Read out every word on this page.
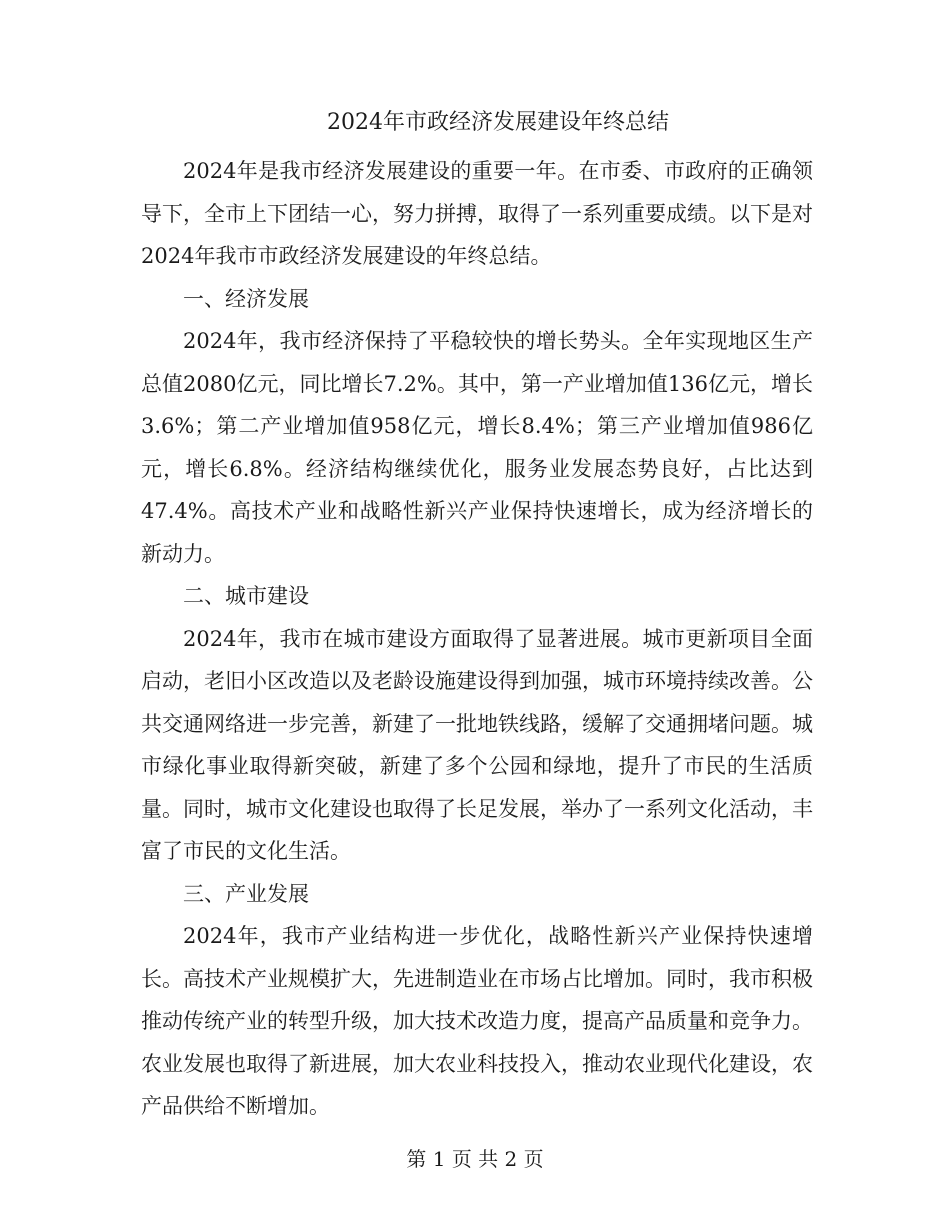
2024年市政经济发展建设年终总结

2024年是我市经济发展建设的重要一年。在市委、市政府的正确领导下，全市上下团结一心，努力拼搏，取得了一系列重要成绩。以下是对2024年我市市政经济发展建设的年终总结。

一、经济发展

2024年，我市经济保持了平稳较快的增长势头。全年实现地区生产总值2080亿元，同比增长7.2%。其中，第一产业增加值136亿元，增长3.6%；第二产业增加值958亿元，增长8.4%；第三产业增加值986亿元，增长6.8%。经济结构继续优化，服务业发展态势良好，占比达到47.4%。高技术产业和战略性新兴产业保持快速增长，成为经济增长的新动力。

二、城市建设

2024年，我市在城市建设方面取得了显著进展。城市更新项目全面启动，老旧小区改造以及老龄设施建设得到加强，城市环境持续改善。公共交通网络进一步完善，新建了一批地铁线路，缓解了交通拥堵问题。城市绿化事业取得新突破，新建了多个公园和绿地，提升了市民的生活质量。同时，城市文化建设也取得了长足发展，举办了一系列文化活动，丰富了市民的文化生活。

三、产业发展

2024年，我市产业结构进一步优化，战略性新兴产业保持快速增长。高技术产业规模扩大，先进制造业在市场占比增加。同时，我市积极推动传统产业的转型升级，加大技术改造力度，提高产品质量和竞争力。农业发展也取得了新进展，加大农业科技投入，推动农业现代化建设，农产品供给不断增加。

第 1 页 共 2 页
